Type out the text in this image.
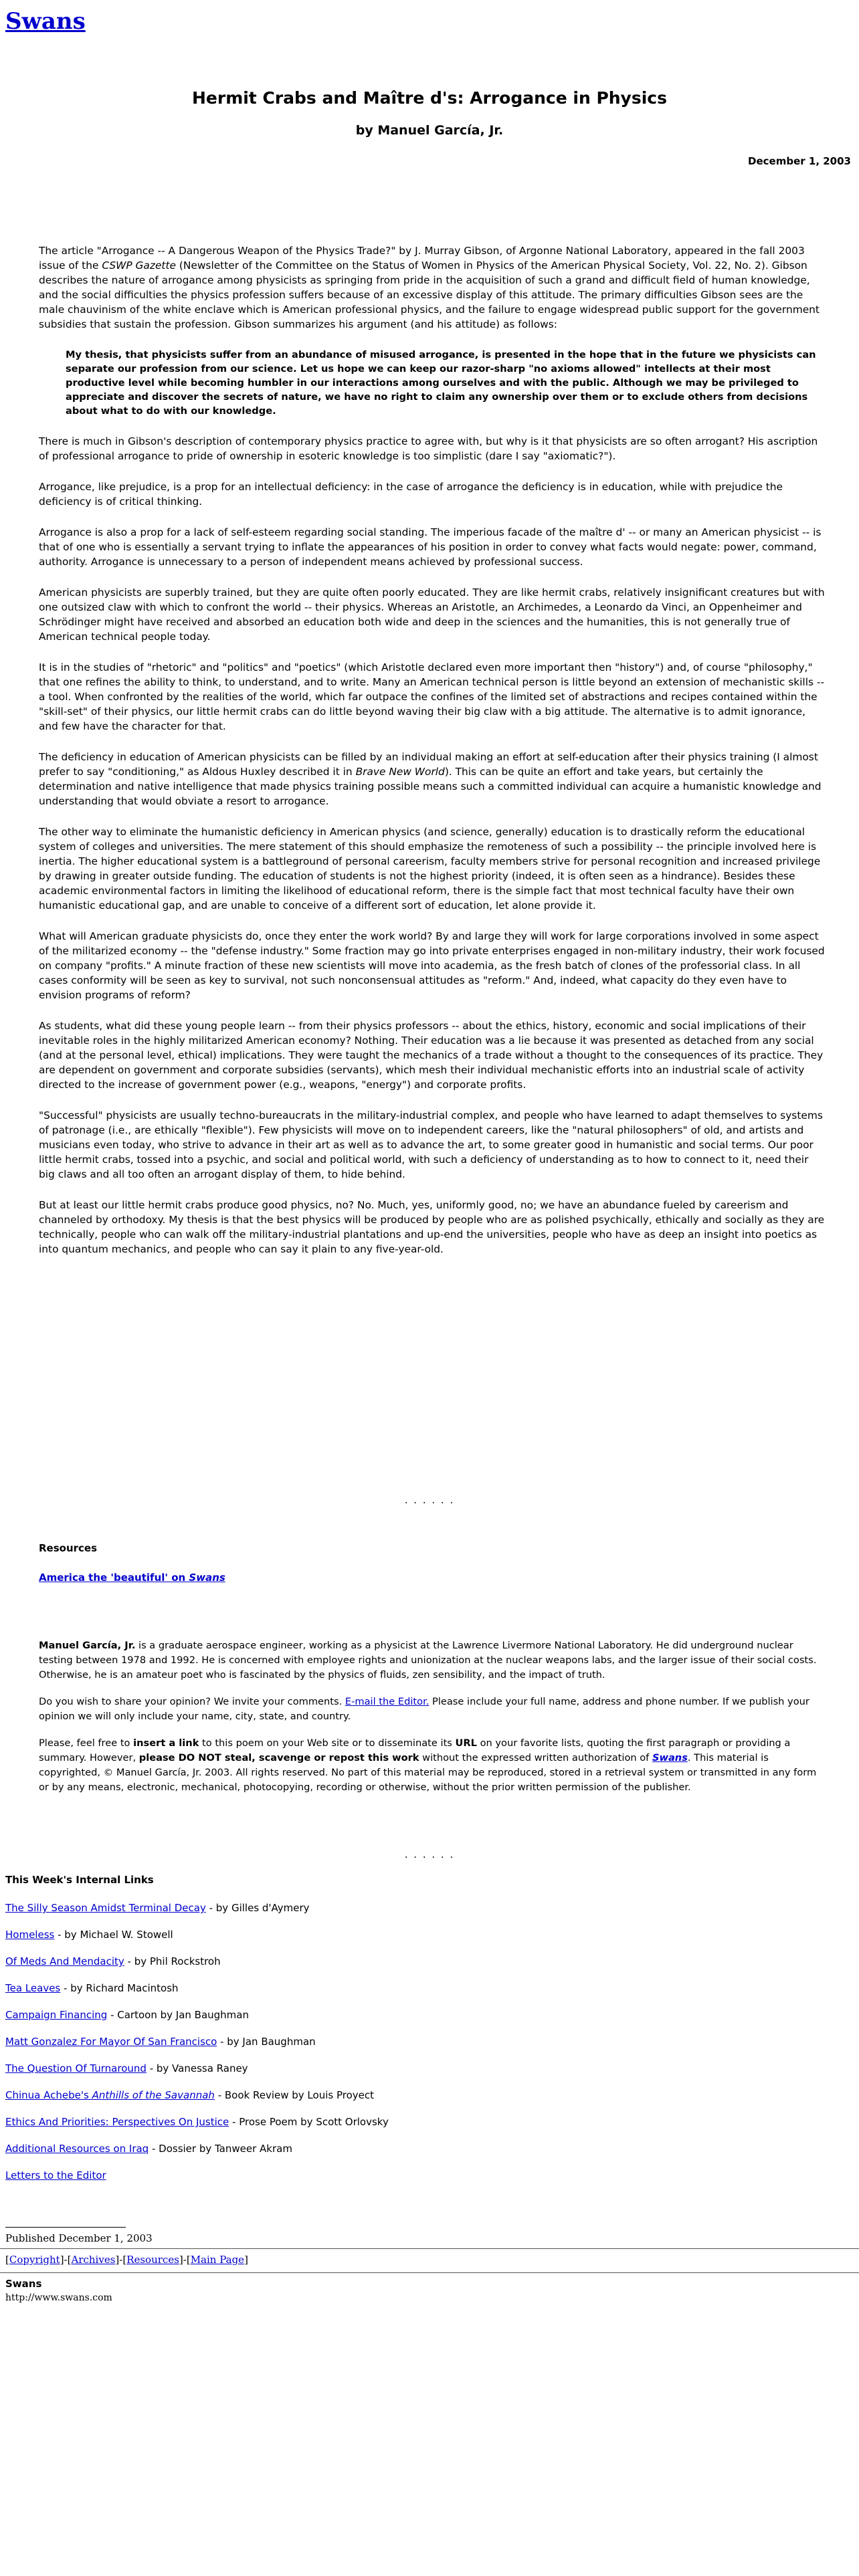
Swans
Hermit Crabs and Maître d's: Arrogance in Physics
by Manuel García, Jr.
December 1, 2003

The article "Arrogance -- A Dangerous Weapon of the Physics Trade?" by J. Murray Gibson, of Argonne National Laboratory, appeared in the fall 2003 issue of the CSWP Gazette (Newsletter of the Committee on the Status of Women in Physics of the American Physical Society, Vol. 22, No. 2). Gibson describes the nature of arrogance among physicists as springing from pride in the acquisition of such a grand and difficult field of human knowledge, and the social difficulties the physics profession suffers because of an excessive display of this attitude. The primary difficulties Gibson sees are the male chauvinism of the white enclave which is American professional physics, and the failure to engage widespread public support for the government subsidies that sustain the profession. Gibson summarizes his argument (and his attitude) as follows:

My thesis, that physicists suffer from an abundance of misused arrogance, is presented in the hope that in the future we physicists can separate our profession from our science. Let us hope we can keep our razor-sharp "no axioms allowed" intellects at their most productive level while becoming humbler in our interactions among ourselves and with the public. Although we may be privileged to appreciate and discover the secrets of nature, we have no right to claim any ownership over them or to exclude others from decisions about what to do with our knowledge.

There is much in Gibson's description of contemporary physics practice to agree with, but why is it that physicists are so often arrogant? His ascription of professional arrogance to pride of ownership in esoteric knowledge is too simplistic (dare I say "axiomatic?").

Arrogance, like prejudice, is a prop for an intellectual deficiency: in the case of arrogance the deficiency is in education, while with prejudice the deficiency is of critical thinking.

Arrogance is also a prop for a lack of self-esteem regarding social standing. The imperious facade of the maître d' -- or many an American physicist -- is that of one who is essentially a servant trying to inflate the appearances of his position in order to convey what facts would negate: power, command, authority. Arrogance is unnecessary to a person of independent means achieved by professional success.

American physicists are superbly trained, but they are quite often poorly educated. They are like hermit crabs, relatively insignificant creatures but with one outsized claw with which to confront the world -- their physics. Whereas an Aristotle, an Archimedes, a Leonardo da Vinci, an Oppenheimer and Schrödinger might have received and absorbed an education both wide and deep in the sciences and the humanities, this is not generally true of American technical people today.

It is in the studies of "rhetoric" and "politics" and "poetics" (which Aristotle declared even more important then "history") and, of course "philosophy," that one refines the ability to think, to understand, and to write. Many an American technical person is little beyond an extension of mechanistic skills -- a tool. When confronted by the realities of the world, which far outpace the confines of the limited set of abstractions and recipes contained within the "skill-set" of their physics, our little hermit crabs can do little beyond waving their big claw with a big attitude. The alternative is to admit ignorance, and few have the character for that.

The deficiency in education of American physicists can be filled by an individual making an effort at self-education after their physics training (I almost prefer to say "conditioning," as Aldous Huxley described it in Brave New World). This can be quite an effort and take years, but certainly the determination and native intelligence that made physics training possible means such a committed individual can acquire a humanistic knowledge and understanding that would obviate a resort to arrogance.

The other way to eliminate the humanistic deficiency in American physics (and science, generally) education is to drastically reform the educational system of colleges and universities. The mere statement of this should emphasize the remoteness of such a possibility -- the principle involved here is inertia. The higher educational system is a battleground of personal careerism, faculty members strive for personal recognition and increased privilege by drawing in greater outside funding. The education of students is not the highest priority (indeed, it is often seen as a hindrance). Besides these academic environmental factors in limiting the likelihood of educational reform, there is the simple fact that most technical faculty have their own humanistic educational gap, and are unable to conceive of a different sort of education, let alone provide it.

What will American graduate physicists do, once they enter the work world? By and large they will work for large corporations involved in some aspect of the militarized economy -- the "defense industry." Some fraction may go into private enterprises engaged in non-military industry, their work focused on company "profits." A minute fraction of these new scientists will move into academia, as the fresh batch of clones of the professorial class. In all cases conformity will be seen as key to survival, not such nonconsensual attitudes as "reform." And, indeed, what capacity do they even have to envision programs of reform?

As students, what did these young people learn -- from their physics professors -- about the ethics, history, economic and social implications of their inevitable roles in the highly militarized American economy? Nothing. Their education was a lie because it was presented as detached from any social (and at the personal level, ethical) implications. They were taught the mechanics of a trade without a thought to the consequences of its practice. They are dependent on government and corporate subsidies (servants), which mesh their individual mechanistic efforts into an industrial scale of activity directed to the increase of government power (e.g., weapons, "energy") and corporate profits.

"Successful" physicists are usually techno-bureaucrats in the military-industrial complex, and people who have learned to adapt themselves to systems of patronage (i.e., are ethically "flexible"). Few physicists will move on to independent careers, like the "natural philosophers" of old, and artists and musicians even today, who strive to advance in their art as well as to advance the art, to some greater good in humanistic and social terms. Our poor little hermit crabs, tossed into a psychic, and social and political world, with such a deficiency of understanding as to how to connect to it, need their big claws and all too often an arrogant display of them, to hide behind.

But at least our little hermit crabs produce good physics, no? No. Much, yes, uniformly good, no; we have an abundance fueled by careerism and channeled by orthodoxy. My thesis is that the best physics will be produced by people who are as polished psychically, ethically and socially as they are technically, people who can walk off the military-industrial plantations and up-end the universities, people who have as deep an insight into poetics as into quantum mechanics, and people who can say it plain to any five-year-old.

. . . . . .
Resources
America the 'beautiful' on Swans

Manuel García, Jr. is a graduate aerospace engineer, working as a physicist at the Lawrence Livermore National Laboratory. He did underground nuclear testing between 1978 and 1992. He is concerned with employee rights and unionization at the nuclear weapons labs, and the larger issue of their social costs. Otherwise, he is an amateur poet who is fascinated by the physics of fluids, zen sensibility, and the impact of truth.

Do you wish to share your opinion? We invite your comments. E-mail the Editor. Please include your full name, address and phone number. If we publish your opinion we will only include your name, city, state, and country.

Please, feel free to insert a link to this poem on your Web site or to disseminate its URL on your favorite lists, quoting the first paragraph or providing a summary. However, please DO NOT steal, scavenge or repost this work without the expressed written authorization of Swans. This material is copyrighted, © Manuel García, Jr. 2003. All rights reserved. No part of this material may be reproduced, stored in a retrieval system or transmitted in any form or by any means, electronic, mechanical, photocopying, recording or otherwise, without the prior written permission of the publisher.

. . . . . .
This Week's Internal Links
The Silly Season Amidst Terminal Decay - by Gilles d'Aymery
Homeless - by Michael W. Stowell
Of Meds And Mendacity - by Phil Rockstroh
Tea Leaves - by Richard Macintosh
Campaign Financing - Cartoon by Jan Baughman
Matt Gonzalez For Mayor Of San Francisco - by Jan Baughman
The Question Of Turnaround - by Vanessa Raney
Chinua Achebe's Anthills of the Savannah - Book Review by Louis Proyect
Ethics And Priorities: Perspectives On Justice - Prose Poem by Scott Orlovsky
Additional Resources on Iraq - Dossier by Tanweer Akram
Letters to the Editor
Published December 1, 2003
[Copyright]-[Archives]-[Resources]-[Main Page]
Swans
http://www.swans.com
